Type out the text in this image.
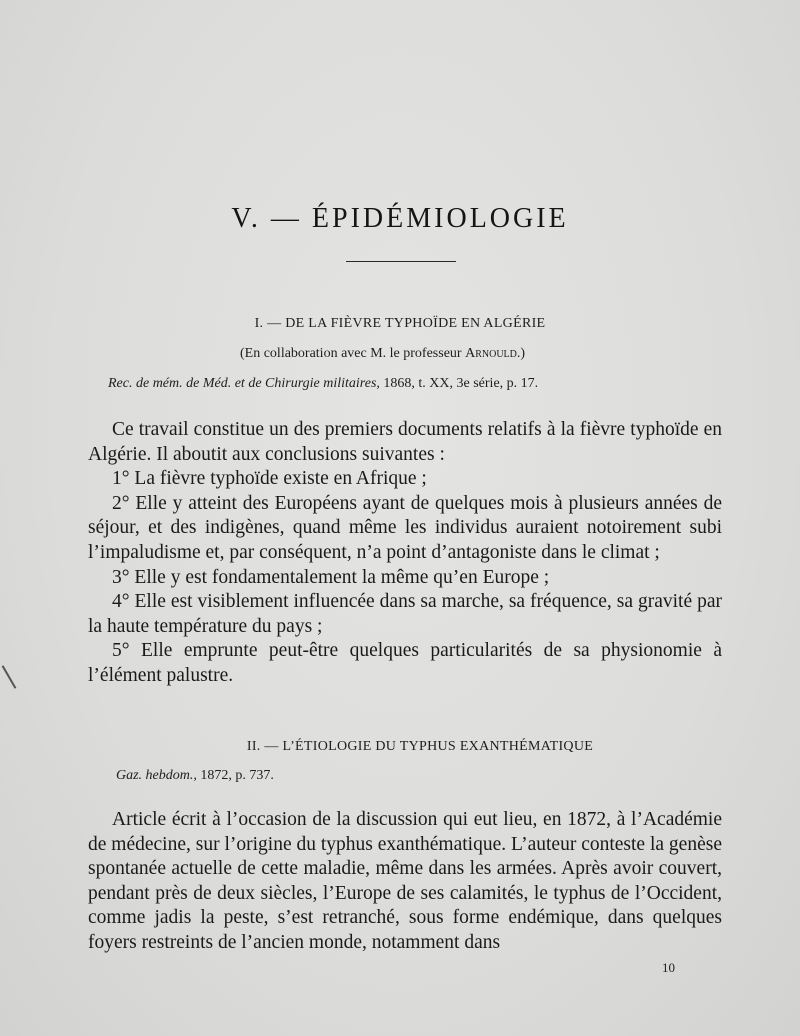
V. — ÉPIDÉMIOLOGIE
I. — DE LA FIÈVRE TYPHOÏDE EN ALGÉRIE
(En collaboration avec M. le professeur Arnould.)
Rec. de mém. de Méd. et de Chirurgie militaires, 1868, t. XX, 3e série, p. 17.

Ce travail constitue un des premiers documents relatifs à la fièvre typhoïde en Algérie. Il aboutit aux conclusions suivantes :

1° La fièvre typhoïde existe en Afrique ;

2° Elle y atteint des Européens ayant de quelques mois à plusieurs années de séjour, et des indigènes, quand même les individus auraient notoirement subi l’impaludisme et, par conséquent, n’a point d’antagoniste dans le climat ;

3° Elle y est fondamentalement la même qu’en Europe ;

4° Elle est visiblement influencée dans sa marche, sa fréquence, sa gravité par la haute température du pays ;

5° Elle emprunte peut-être quelques particularités de sa physionomie à l’élément palustre.

II. — L’ÉTIOLOGIE DU TYPHUS EXANTHÉMATIQUE
Gaz. hebdom., 1872, p. 737.

Article écrit à l’occasion de la discussion qui eut lieu, en 1872, à l’Académie de médecine, sur l’origine du typhus exanthématique. L’auteur conteste la genèse spontanée actuelle de cette maladie, même dans les armées. Après avoir couvert, pendant près de deux siècles, l’Europe de ses calamités, le typhus de l’Occident, comme jadis la peste, s’est retranché, sous forme endémique, dans quelques foyers restreints de l’ancien monde, notamment dans

10
